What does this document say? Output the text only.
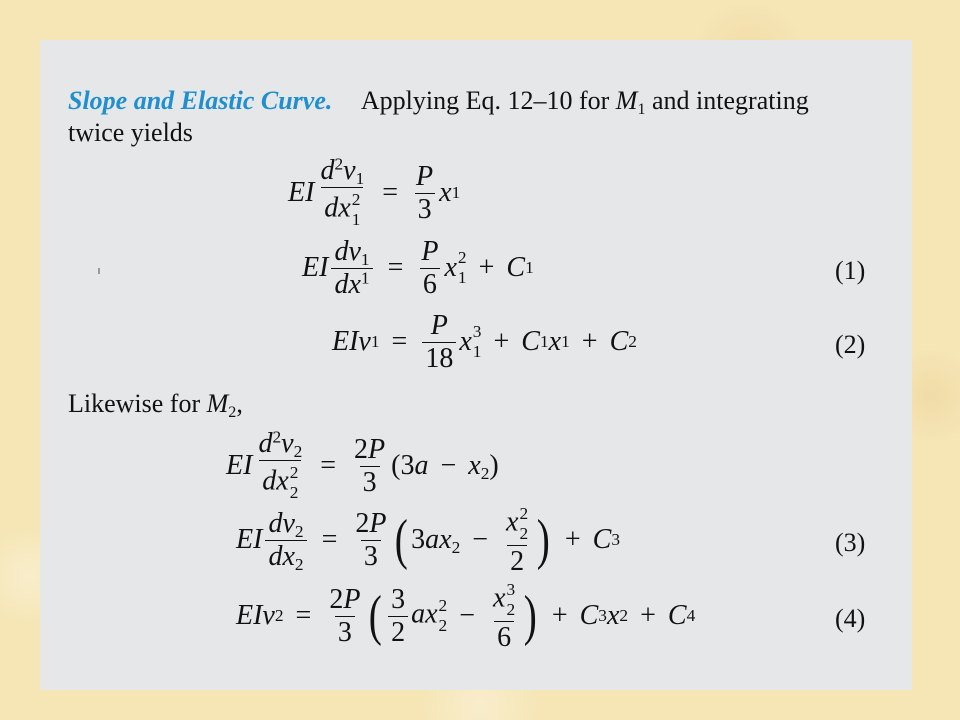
Slope and Elastic Curve. Applying Eq. 12–10 for $M_1$ and integrating
twice yields
EI $d^2v_1$
dx 2
$1 = \frac{P}{3}$ x 1
EI $\frac{dv_1}{dx^1} = \frac{P}{6}$ x 2
1 + C 1	(1)
EIv $1 = \frac{P}{18}$ x 3
1 + C 1 x 1 + C 2	(2)
Likewise for $M_2$,
EI $d^2v_2$
dx 2
$2 = \frac{2P}{3} (3a - x_2)$
EI $\frac{dv_2}{dx_2} = \frac{2P}{3}$ ( $3ax_2 - x$ 2
2
2 ) + C 3	(3)
EIv $2 = \frac{2P}{3}$ ( $\frac{3}{2}$ ax 2
2 − x 3
2
6 ) + C 3 x 2 + C 4	(4)
